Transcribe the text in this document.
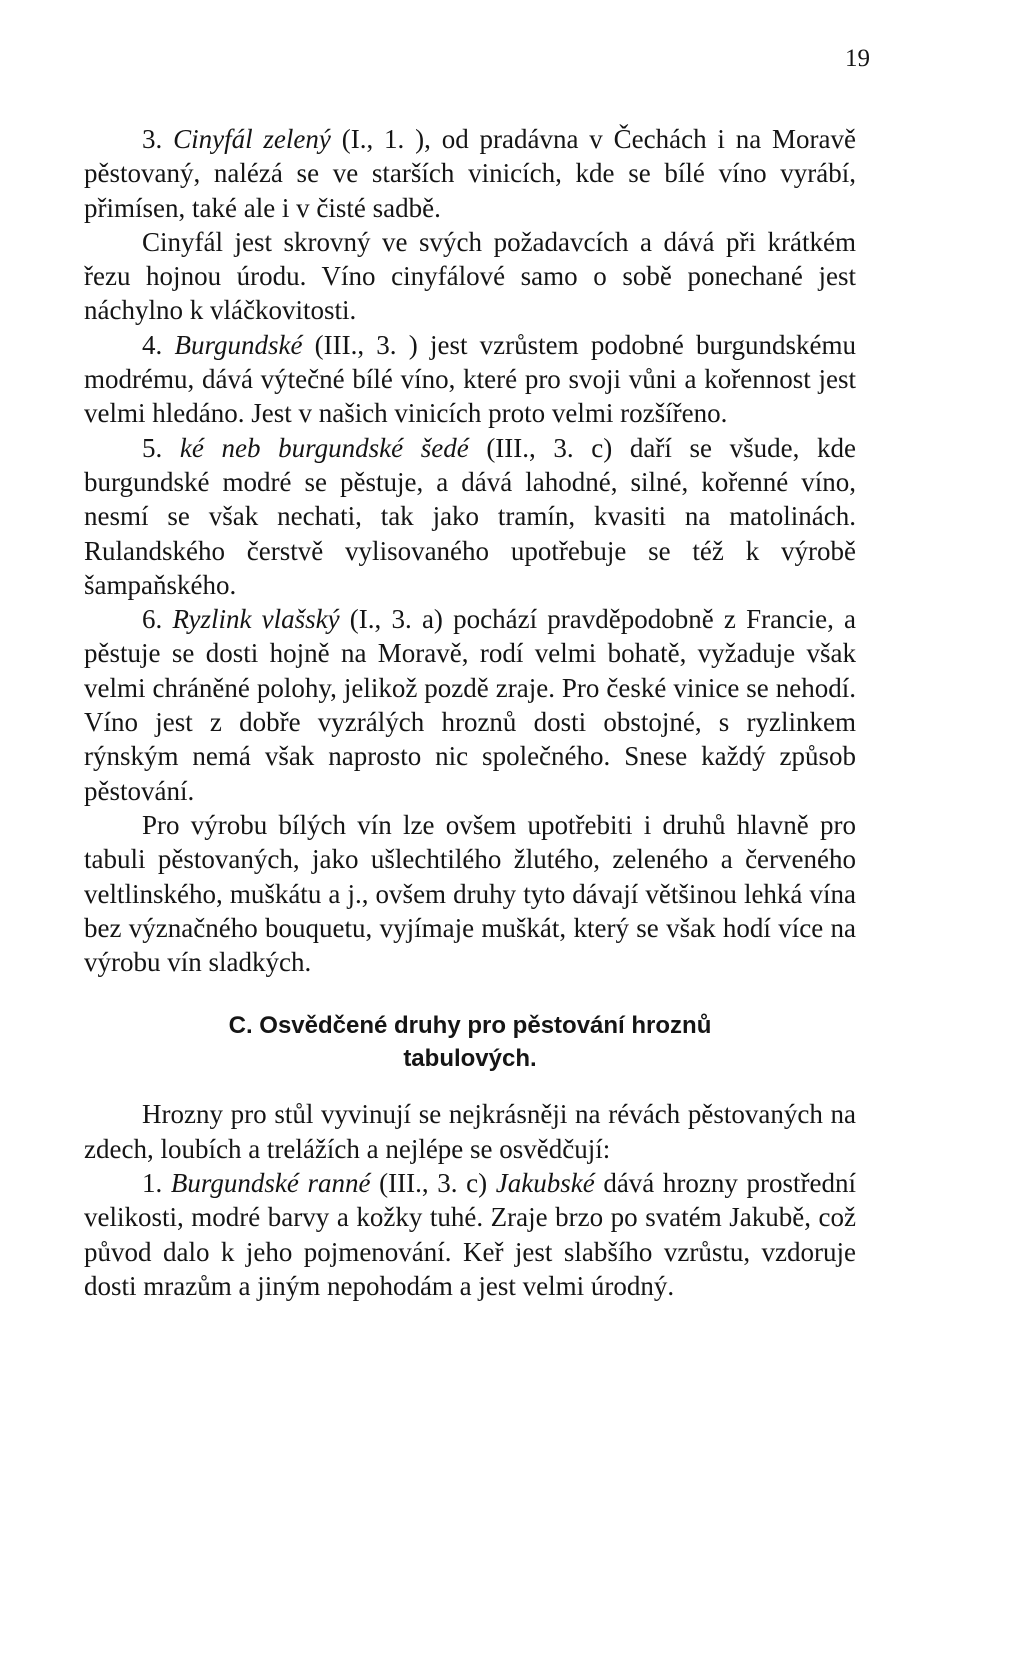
19

3. Cinyfál zelený (I., 1. ), od pradávna v Čechách i na Moravě pěstovaný, nalézá se ve starších vinicích, kde se bílé víno vyrábí, přimísen, také ale i v čisté sadbě.

Cinyfál jest skrovný ve svých požadavcích a dává při krátkém řezu hojnou úrodu. Víno cinyfálové samo o sobě ponechané jest náchylno k vláčkovitosti.

4. Burgundské (III., 3. ) jest vzrůstem podobné burgundskému modrému, dává výtečné bílé víno, které pro svoji vůni a kořennost jest velmi hledáno. Jest v našich vinicích proto velmi rozšířeno.

5. ké neb burgundské šedé (III., 3. c) daří se všude, kde burgundské modré se pěstuje, a dává lahodné, silné, kořenné víno, nesmí se však nechati, tak jako tramín, kvasiti na matolinách. Rulandského čerstvě vylisovaného upotřebuje se též k výrobě šampaňského.

6. Ryzlink vlašský (I., 3. a) pochází pravděpodobně z Francie, a pěstuje se dosti hojně na Moravě, rodí velmi bohatě, vyžaduje však velmi chráněné polohy, jelikož pozdě zraje. Pro české vinice se nehodí. Víno jest z dobře vyzrálých hroznů dosti obstojné, s ryzlinkem rýnským nemá však naprosto nic společného. Snese každý způsob pěstování.

Pro výrobu bílých vín lze ovšem upotřebiti i druhů hlavně pro tabuli pěstovaných, jako ušlechtilého žlutého, zeleného a červeného veltlinského, muškátu a j., ovšem druhy tyto dávají většinou lehká vína bez význačného bouquetu, vyjímaje muškát, který se však hodí více na výrobu vín sladkých.

C. Osvědčené druhy pro pěstování hroznů
tabulových.

Hrozny pro stůl vyvinují se nejkrásněji na révách pěstovaných na zdech, loubích a trelážích a nejlépe se osvědčují:

1. Burgundské ranné (III., 3. c) Jakubské dává hrozny prostřední velikosti, modré barvy a kožky tuhé. Zraje brzo po svatém Jakubě, což původ dalo k jeho pojmenování. Keř jest slabšího vzrůstu, vzdoruje dosti mrazům a jiným nepohodám a jest velmi úrodný.
